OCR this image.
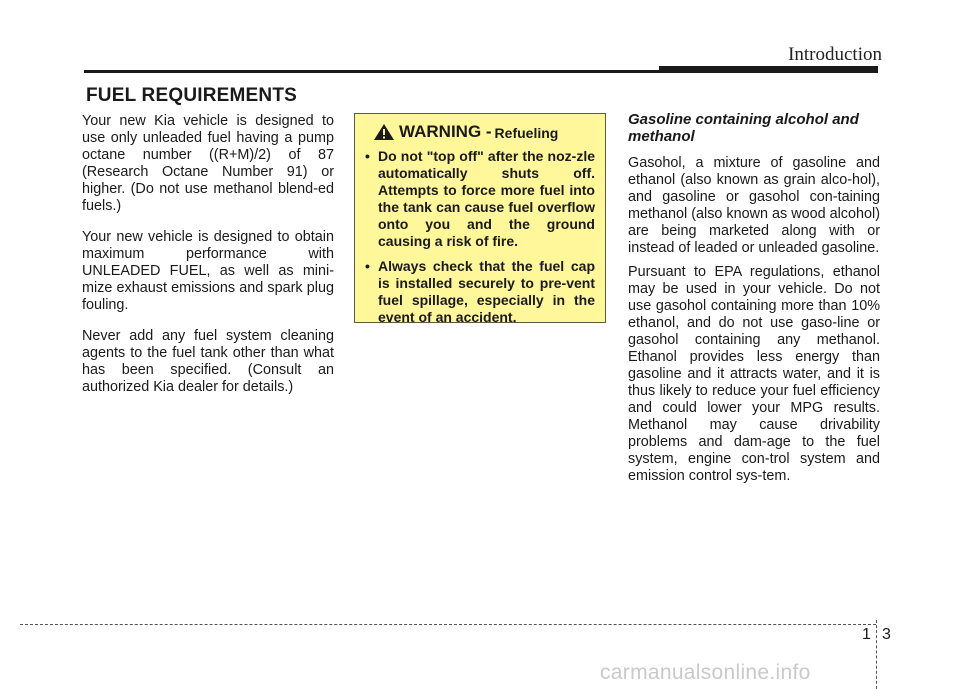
Introduction
FUEL REQUIREMENTS

Your new Kia vehicle is designed to use only unleaded fuel having a pump octane number ((R+M)/2) of 87 (Research Octane Number 91) or higher. (Do not use methanol blend-ed fuels.)

Your new vehicle is designed to obtain maximum performance with UNLEADED FUEL, as well as mini-mize exhaust emissions and spark plug fouling.

Never add any fuel system cleaning agents to the fuel tank other than what has been specified. (Consult an authorized Kia dealer for details.)

WARNING - Refueling
• Do not "top off" after the noz-zle automatically shuts off. Attempts to force more fuel into the tank can cause fuel overflow onto you and the ground causing a risk of fire.
• Always check that the fuel cap is installed securely to pre-vent fuel spillage, especially in the event of an accident.
Gasoline containing alcohol and methanol

Gasohol, a mixture of gasoline and ethanol (also known as grain alco-hol), and gasoline or gasohol con-taining methanol (also known as wood alcohol) are being marketed along with or instead of leaded or unleaded gasoline.

Pursuant to EPA regulations, ethanol may be used in your vehicle. Do not use gasohol containing more than 10% ethanol, and do not use gaso-line or gasohol containing any methanol. Ethanol provides less energy than gasoline and it attracts water, and it is thus likely to reduce your fuel efficiency and could lower your MPG results. Methanol may cause drivability problems and dam-age to the fuel system, engine con-trol system and emission control sys-tem.

1 3
carmanualsonline.info
